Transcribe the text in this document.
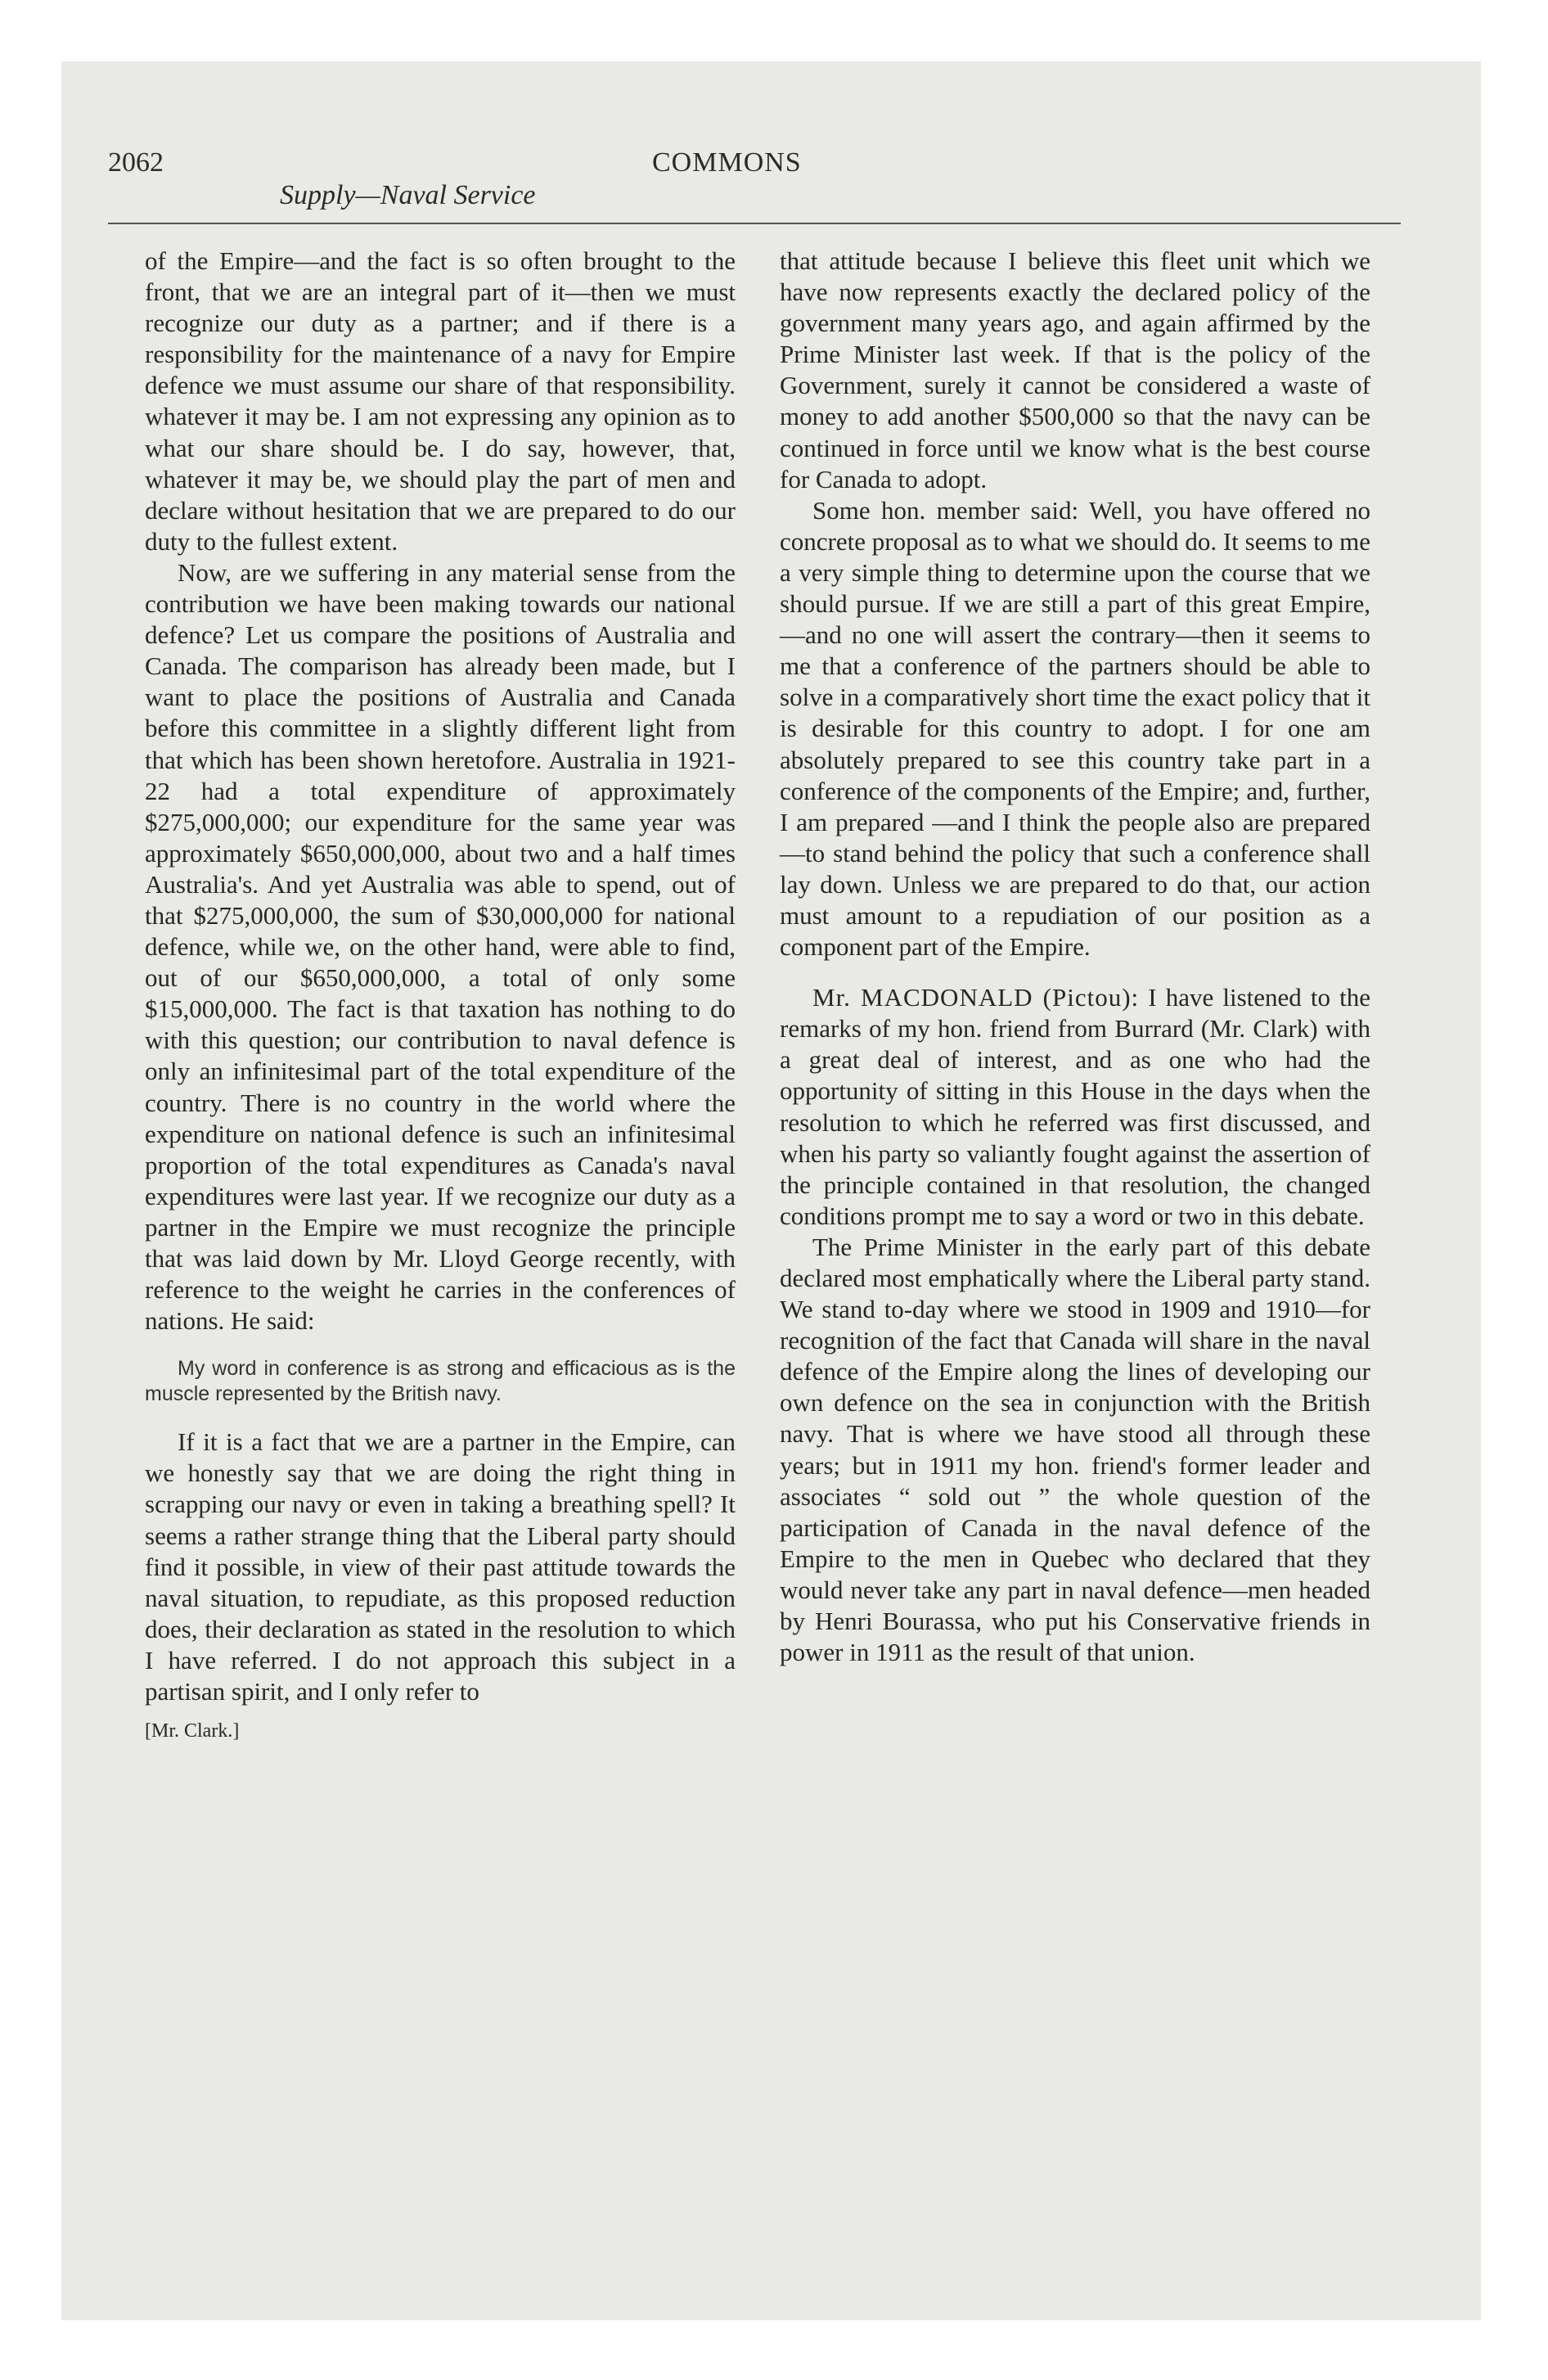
2062
Supply—Naval Service
COMMONS

of the Empire—and the fact is so often brought to the front, that we are an integral part of it—then we must recognize our duty as a partner; and if there is a responsibility for the maintenance of a navy for Empire defence we must assume our share of that responsibility. whatever it may be. I am not expressing any opinion as to what our share should be. I do say, however, that, whatever it may be, we should play the part of men and declare without hesitation that we are prepared to do our duty to the fullest extent.

Now, are we suffering in any material sense from the contribution we have been making towards our national defence? Let us compare the positions of Australia and Canada. The comparison has already been made, but I want to place the positions of Australia and Canada before this committee in a slightly different light from that which has been shown heretofore. Australia in 1921-22 had a total expenditure of approximately $275,000,000; our expenditure for the same year was approximately $650,000,000, about two and a half times Australia's. And yet Australia was able to spend, out of that $275,000,000, the sum of $30,000,000 for national defence, while we, on the other hand, were able to find, out of our $650,000,000, a total of only some $15,000,000. The fact is that taxation has nothing to do with this question; our contribution to naval defence is only an infinitesimal part of the total expenditure of the country. There is no country in the world where the expenditure on national defence is such an infinitesimal proportion of the total expenditures as Canada's naval expenditures were last year. If we recognize our duty as a partner in the Empire we must recognize the principle that was laid down by Mr. Lloyd George recently, with reference to the weight he carries in the conferences of nations. He said:

My word in conference is as strong and efficacious as is the muscle represented by the British navy.

If it is a fact that we are a partner in the Empire, can we honestly say that we are doing the right thing in scrapping our navy or even in taking a breathing spell? It seems a rather strange thing that the Liberal party should find it possible, in view of their past attitude towards the naval situation, to repudiate, as this proposed reduction does, their declaration as stated in the resolution to which I have referred. I do not approach this subject in a partisan spirit, and I only refer to

[Mr. Clark.]

that attitude because I believe this fleet unit which we have now represents exactly the declared policy of the government many years ago, and again affirmed by the Prime Minister last week. If that is the policy of the Government, surely it cannot be considered a waste of money to add another $500,000 so that the navy can be continued in force until we know what is the best course for Canada to adopt.

Some hon. member said: Well, you have offered no concrete proposal as to what we should do. It seems to me a very simple thing to determine upon the course that we should pursue. If we are still a part of this great Empire,—and no one will assert the contrary—then it seems to me that a conference of the partners should be able to solve in a comparatively short time the exact policy that it is desirable for this country to adopt. I for one am absolutely prepared to see this country take part in a conference of the components of the Empire; and, further, I am prepared —and I think the people also are prepared —to stand behind the policy that such a conference shall lay down. Unless we are prepared to do that, our action must amount to a repudiation of our position as a component part of the Empire.

Mr. MACDONALD (Pictou): I have listened to the remarks of my hon. friend from Burrard (Mr. Clark) with a great deal of interest, and as one who had the opportunity of sitting in this House in the days when the resolution to which he referred was first discussed, and when his party so valiantly fought against the assertion of the principle contained in that resolution, the changed conditions prompt me to say a word or two in this debate.

The Prime Minister in the early part of this debate declared most emphatically where the Liberal party stand. We stand to-day where we stood in 1909 and 1910—for recognition of the fact that Canada will share in the naval defence of the Empire along the lines of developing our own defence on the sea in conjunction with the British navy. That is where we have stood all through these years; but in 1911 my hon. friend's former leader and associates “ sold out ” the whole question of the participation of Canada in the naval defence of the Empire to the men in Quebec who declared that they would never take any part in naval defence—men headed by Henri Bourassa, who put his Conservative friends in power in 1911 as the result of that union.
